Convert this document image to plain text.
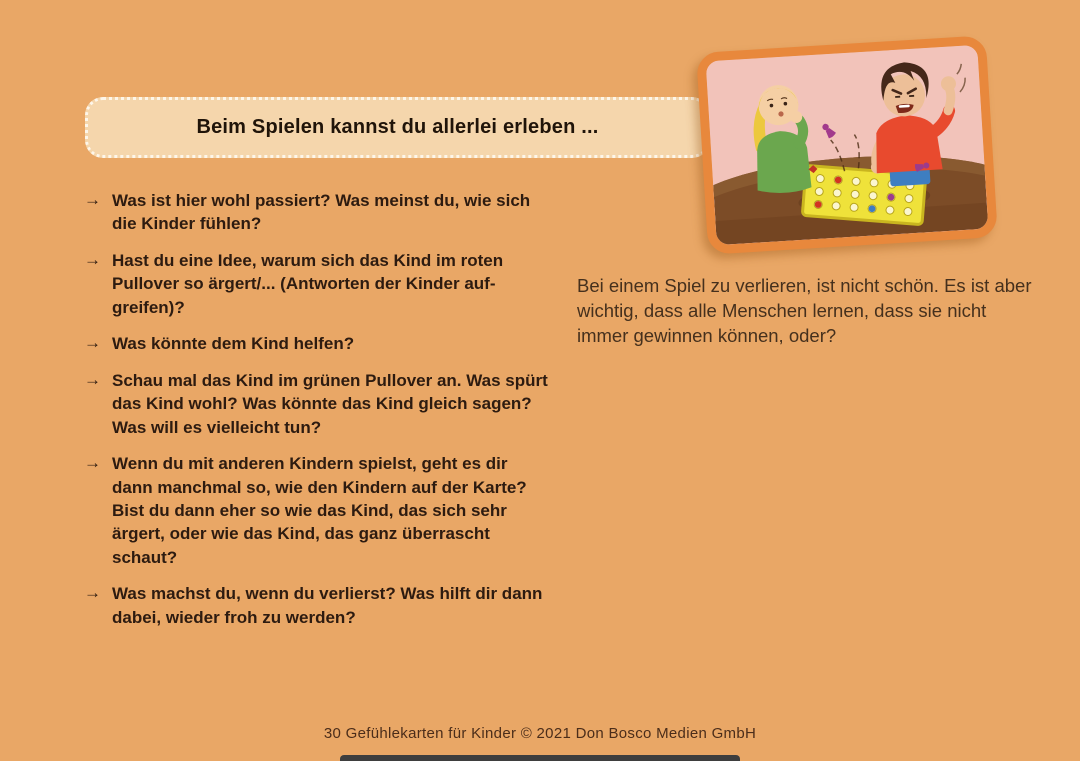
Beim Spielen kannst du allerlei erleben ...
→ Was ist hier wohl passiert? Was meinst du, wie sich die Kinder fühlen?
→ Hast du eine Idee, warum sich das Kind im roten Pullover so ärgert/... (Antworten der Kinder aufgreifen)?
→ Was könnte dem Kind helfen?
→ Schau mal das Kind im grünen Pullover an. Was spürt das Kind wohl? Was könnte das Kind gleich sagen? Was will es vielleicht tun?
→ Wenn du mit anderen Kindern spielst, geht es dir dann manchmal so, wie den Kindern auf der Karte? Bist du dann eher so wie das Kind, das sich sehr ärgert, oder wie das Kind, das ganz überrascht schaut?
→ Was machst du, wenn du verlierst? Was hilft dir dann dabei, wieder froh zu werden?
Bei einem Spiel zu verlieren, ist nicht schön. Es ist aber wichtig, dass alle Menschen lernen, dass sie nicht immer gewinnen können, oder?
30 Gefühlekarten für Kinder © 2021 Don Bosco Medien GmbH
